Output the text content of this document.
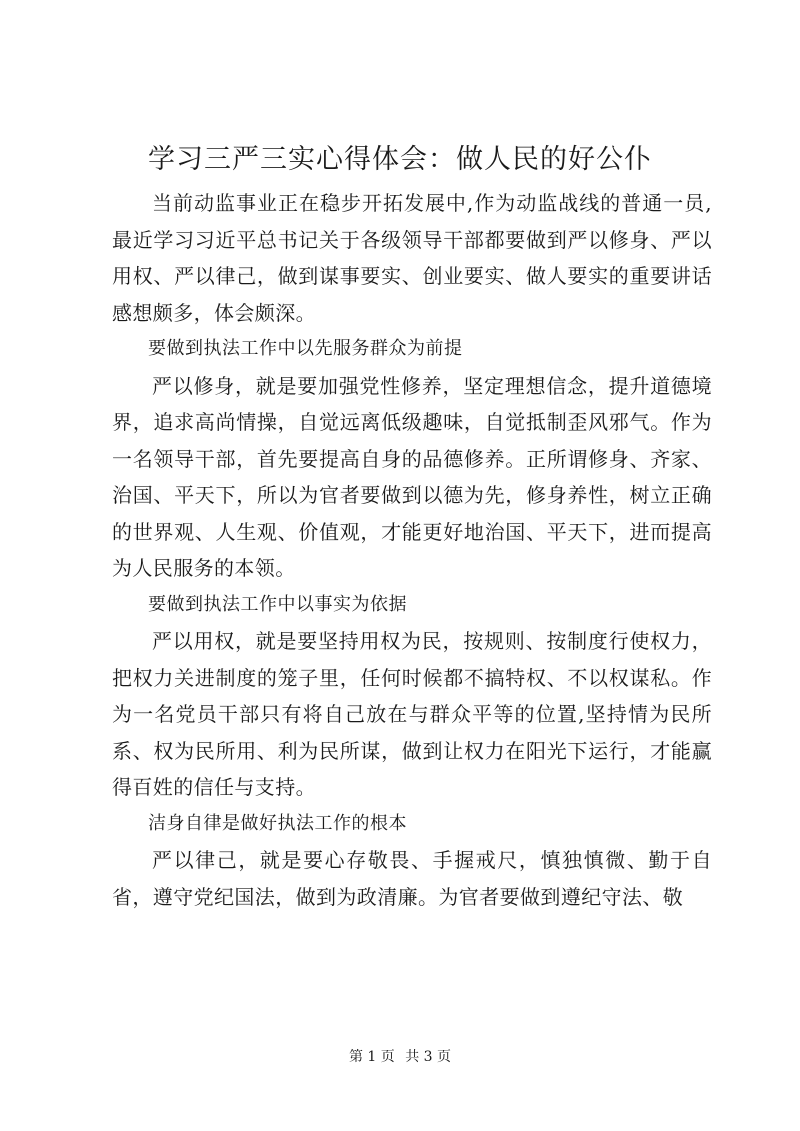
学习三严三实心得体会：做人民的好公仆

当前动监事业正在稳步开拓发展中,作为动监战线的普通一员,最近学习习近平总书记关于各级领导干部都要做到严以修身、严以用权、严以律己，做到谋事要实、创业要实、做人要实的重要讲话感想颇多，体会颇深。

要做到执法工作中以先服务群众为前提

严以修身，就是要加强党性修养，坚定理想信念，提升道德境界，追求高尚情操，自觉远离低级趣味，自觉抵制歪风邪气。作为一名领导干部，首先要提高自身的品德修养。正所谓修身、齐家、治国、平天下，所以为官者要做到以德为先，修身养性，树立正确的世界观、人生观、价值观，才能更好地治国、平天下，进而提高为人民服务的本领。

要做到执法工作中以事实为依据

严以用权，就是要坚持用权为民，按规则、按制度行使权力，把权力关进制度的笼子里，任何时候都不搞特权、不以权谋私。作为一名党员干部只有将自己放在与群众平等的位置,坚持情为民所系、权为民所用、利为民所谋，做到让权力在阳光下运行，才能赢得百姓的信任与支持。

洁身自律是做好执法工作的根本

严以律己，就是要心存敬畏、手握戒尺，慎独慎微、勤于自省，遵守党纪国法，做到为政清廉。为官者要做到遵纪守法、敬

第 1 页 共 3 页
